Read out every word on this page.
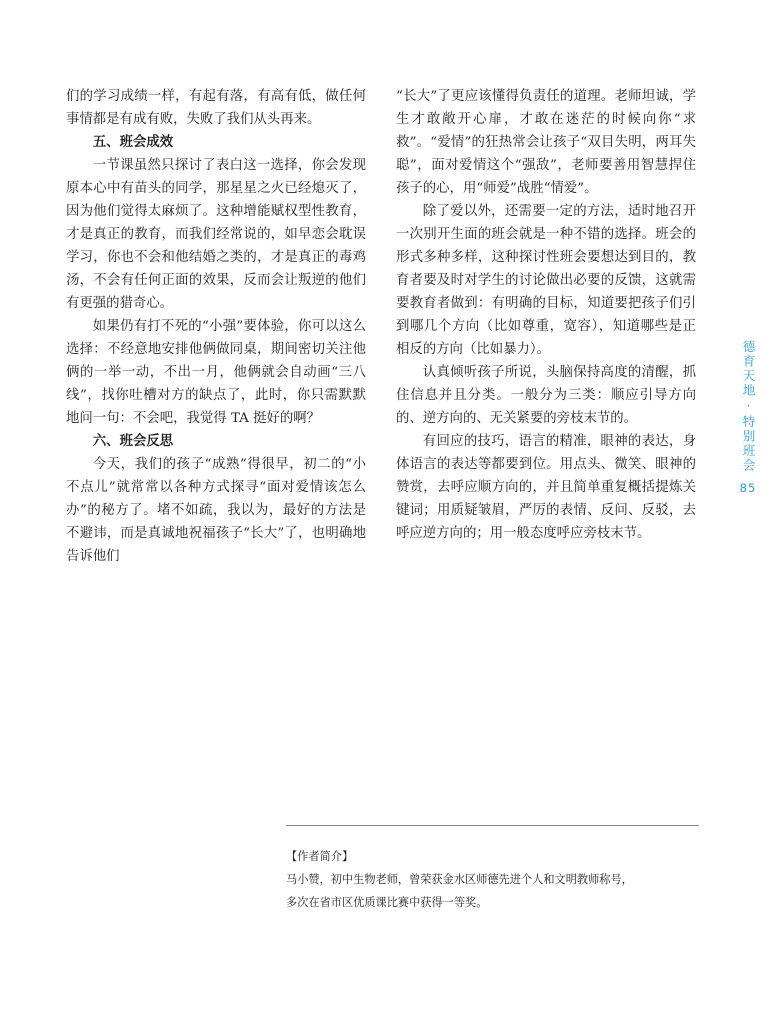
们的学习成绩一样，有起有落，有高有低，做任何事情都是有成有败，失败了我们从头再来。

五、班会成效

一节课虽然只探讨了表白这一选择，你会发现原本心中有苗头的同学，那星星之火已经熄灭了，因为他们觉得太麻烦了。这种增能赋权型性教育，才是真正的教育，而我们经常说的，如早恋会耽误学习，你也不会和他结婚之类的，才是真正的毒鸡汤，不会有任何正面的效果，反而会让叛逆的他们有更强的猎奇心。

如果仍有打不死的“小强”要体验，你可以这么选择：不经意地安排他俩做同桌，期间密切关注他俩的一举一动，不出一月，他俩就会自动画“三八线”，找你吐槽对方的缺点了，此时，你只需默默地问一句：不会吧，我觉得 TA 挺好的啊？

六、班会反思

今天，我们的孩子“成熟”得很早，初二的“小不点儿”就常常以各种方式探寻“面对爱情该怎么办”的秘方了。堵不如疏，我以为，最好的方法是不避讳，而是真诚地祝福孩子“长大”了，也明确地告诉他们

“长大”了更应该懂得负责任的道理。老师坦诚，学生才敢敞开心扉，才敢在迷茫的时候向你“求救”。“爱情”的狂热常会让孩子“双目失明，两耳失聪”，面对爱情这个“强敌”，老师要善用智慧捍住孩子的心，用“师爱”战胜“情爱”。

除了爱以外，还需要一定的方法，适时地召开一次别开生面的班会就是一种不错的选择。班会的形式多种多样，这种探讨性班会要想达到目的，教育者要及时对学生的讨论做出必要的反馈，这就需要教育者做到：有明确的目标，知道要把孩子们引到哪几个方向（比如尊重，宽容），知道哪些是正相反的方向（比如暴力）。

认真倾听孩子所说，头脑保持高度的清醒，抓住信息并且分类。一般分为三类：顺应引导方向的、逆方向的、无关紧要的旁枝末节的。

有回应的技巧，语言的精准，眼神的表达，身体语言的表达等都要到位。用点头、微笑、眼神的赞赏，去呼应顺方向的，并且简单重复概括提炼关键词；用质疑皱眉，严厉的表情、反问、反驳，去呼应逆方向的；用一般态度呼应旁枝末节。

德育天地·特别班会
85

【作者简介】

马小赞，初中生物老师，曾荣获金水区师德先进个人和文明教师称号，

多次在省市区优质课比赛中获得一等奖。
